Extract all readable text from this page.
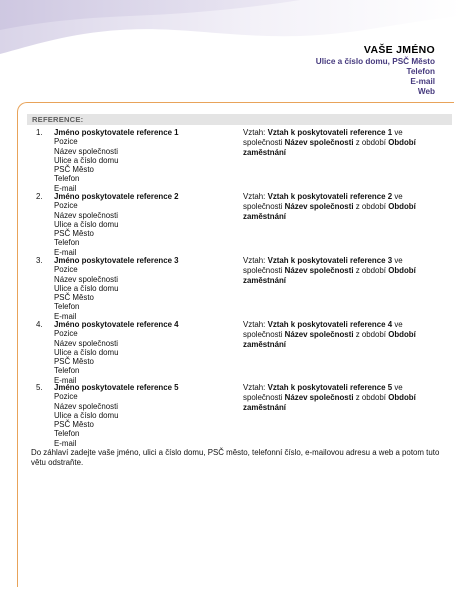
VAŠE JMÉNO
Ulice a číslo domu, PSČ Město
Telefon
E-mail
Web
REFERENCE:
1. Jméno poskytovatele reference 1
Pozice
Název společnosti
Ulice a číslo domu
PSČ Město
Telefon
E-mail
Vztah: Vztah k poskytovateli reference 1 ve společnosti Název společnosti z období Období zaměstnání
2. Jméno poskytovatele reference 2
Pozice
Název společnosti
Ulice a číslo domu
PSČ Město
Telefon
E-mail
Vztah: Vztah k poskytovateli reference 2 ve společnosti Název společnosti z období Období zaměstnání
3. Jméno poskytovatele reference 3
Pozice
Název společnosti
Ulice a číslo domu
PSČ Město
Telefon
E-mail
Vztah: Vztah k poskytovateli reference 3 ve společnosti Název společnosti z období Období zaměstnání
4. Jméno poskytovatele reference 4
Pozice
Název společnosti
Ulice a číslo domu
PSČ Město
Telefon
E-mail
Vztah: Vztah k poskytovateli reference 4 ve společnosti Název společnosti z období Období zaměstnání
5. Jméno poskytovatele reference 5
Pozice
Název společnosti
Ulice a číslo domu
PSČ Město
Telefon
E-mail
Vztah: Vztah k poskytovateli reference 5 ve společnosti Název společnosti z období Období zaměstnání
Do záhlaví zadejte vaše jméno, ulici a číslo domu, PSČ město, telefonní číslo, e-mailovou adresu a web a potom tuto větu odstraňte.
